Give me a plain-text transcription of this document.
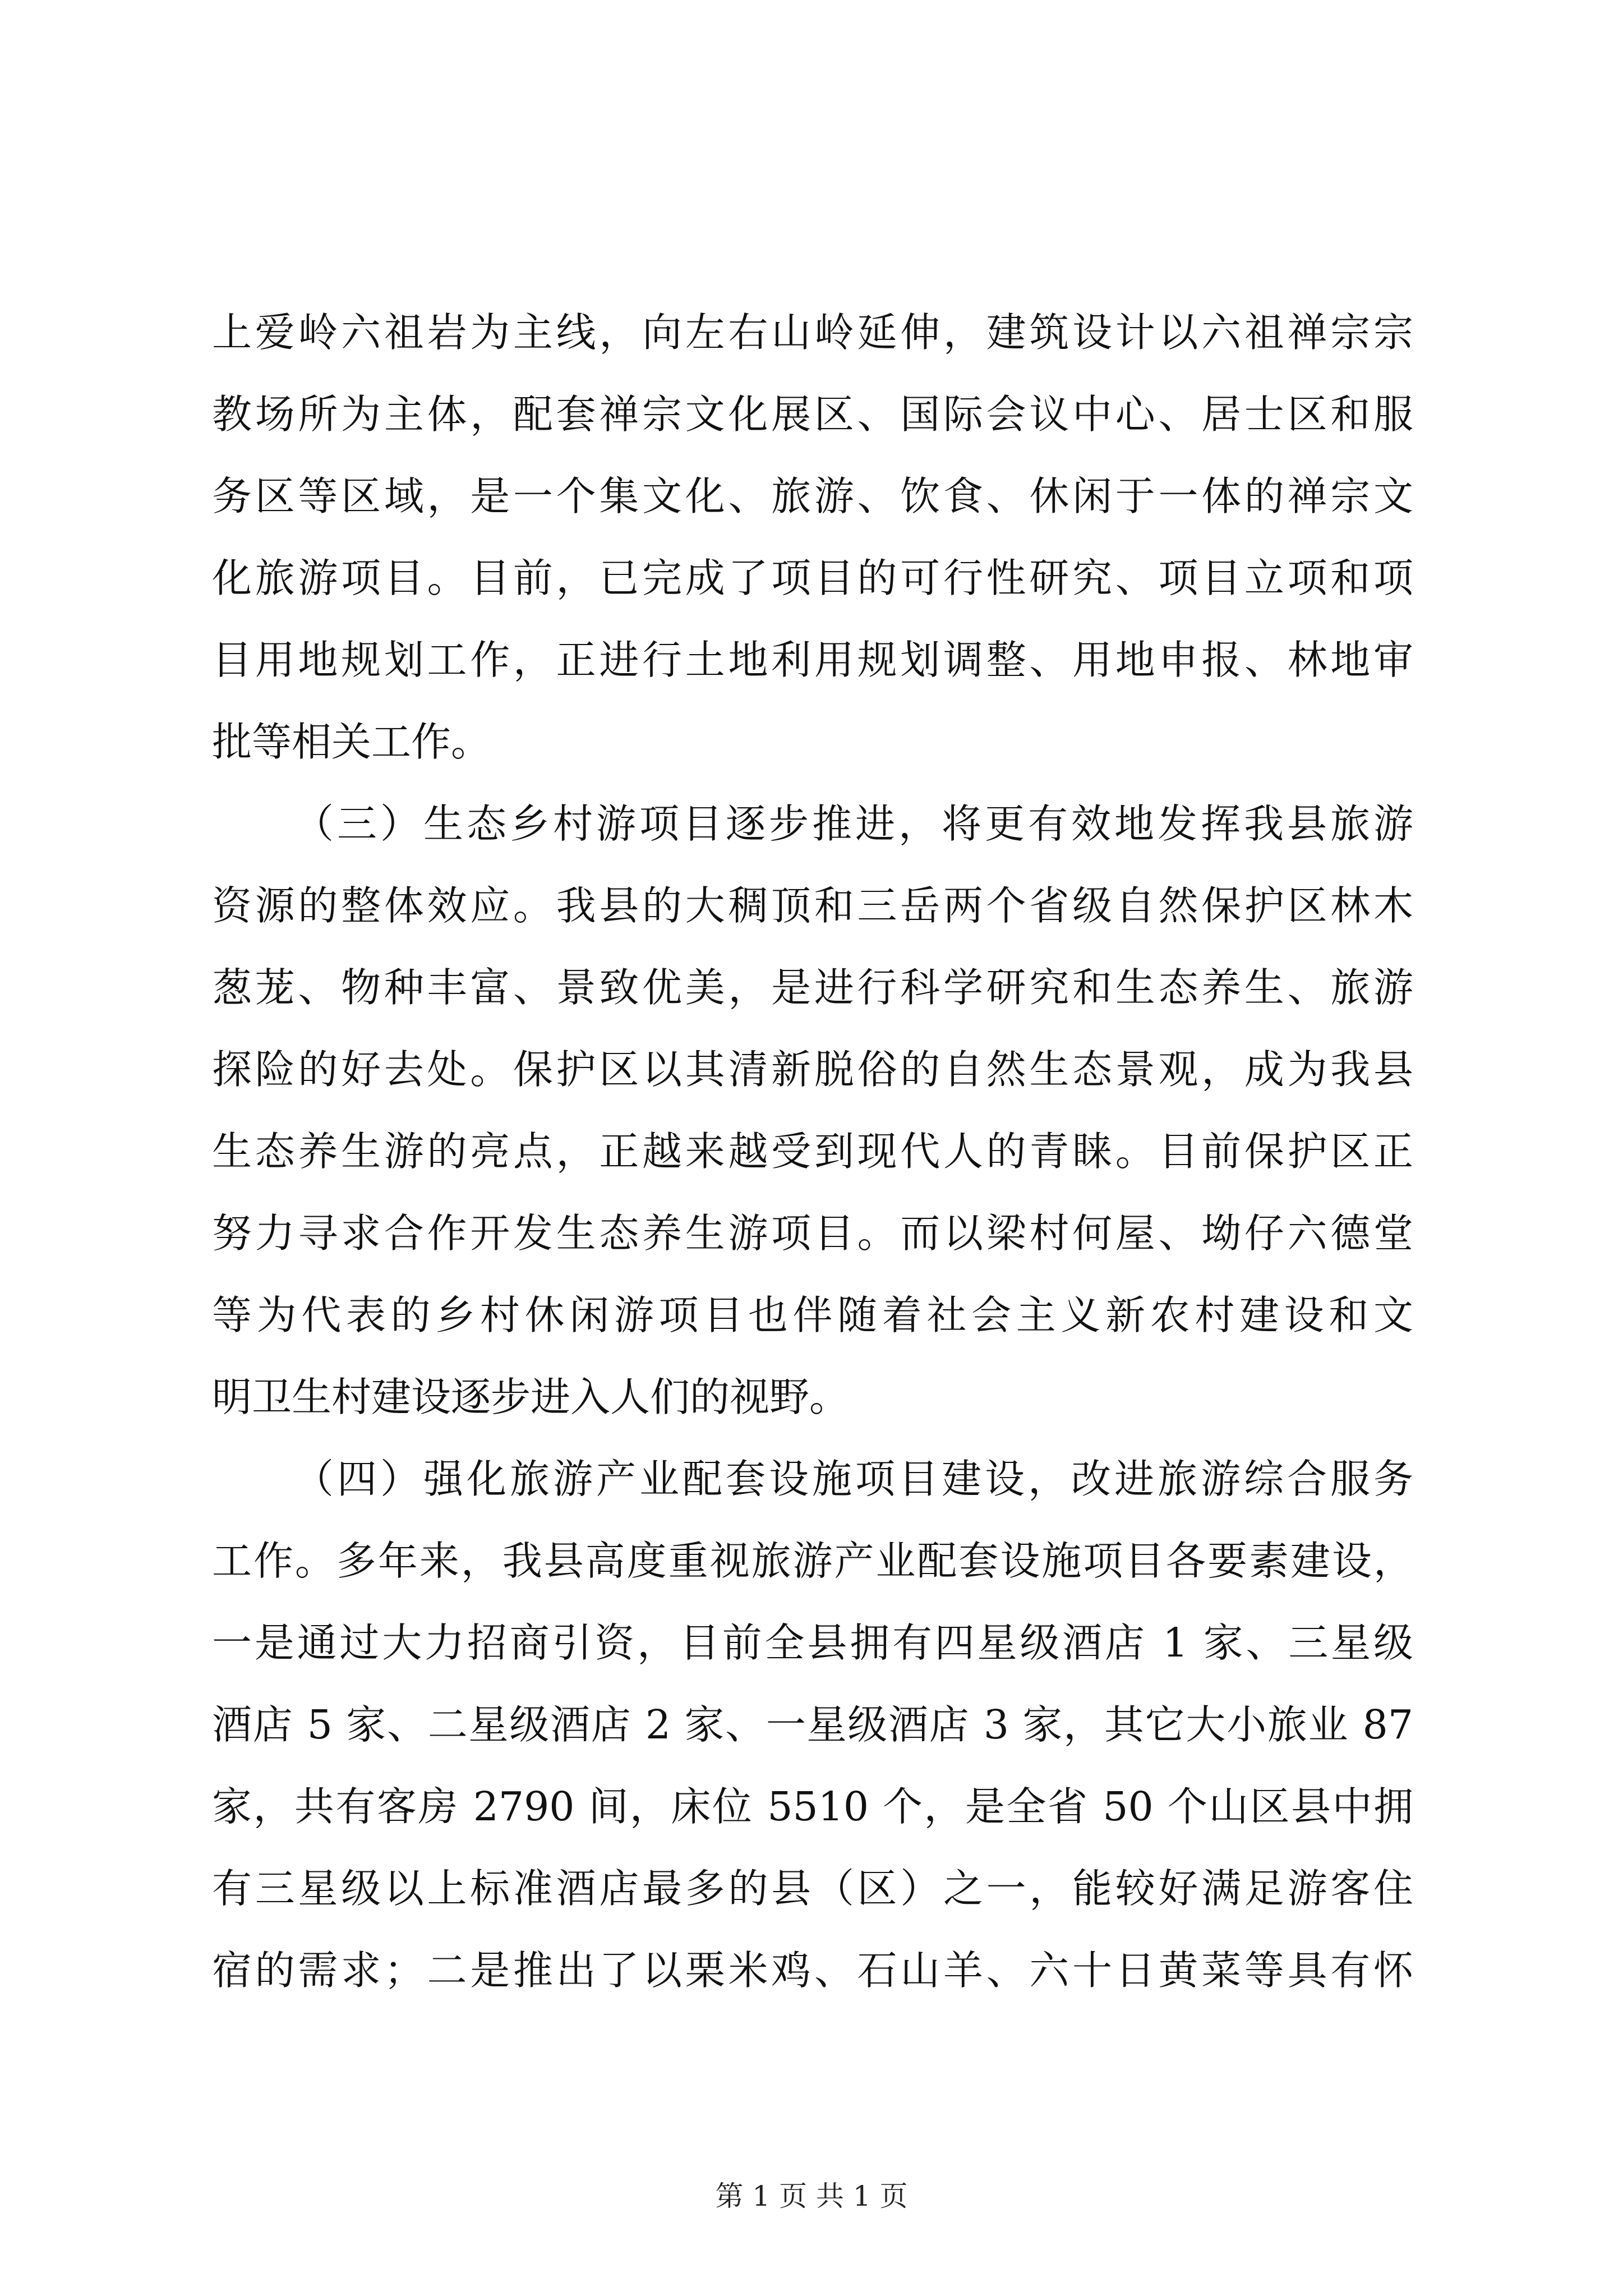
上爱岭六祖岩为主线，向左右山岭延伸，建筑设计以六祖禅宗宗
教场所为主体，配套禅宗文化展区、国际会议中心、居士区和服
务区等区域，是一个集文化、旅游、饮食、休闲于一体的禅宗文
化旅游项目。目前，已完成了项目的可行性研究、项目立项和项
目用地规划工作，正进行土地利用规划调整、用地申报、林地审
批等相关工作。
（三）生态乡村游项目逐步推进，将更有效地发挥我县旅游
资源的整体效应。我县的大稠顶和三岳两个省级自然保护区林木
葱茏、物种丰富、景致优美，是进行科学研究和生态养生、旅游
探险的好去处。保护区以其清新脱俗的自然生态景观，成为我县
生态养生游的亮点，正越来越受到现代人的青睐。目前保护区正
努力寻求合作开发生态养生游项目。而以梁村何屋、坳仔六德堂
等为代表的乡村休闲游项目也伴随着社会主义新农村建设和文
明卫生村建设逐步进入人们的视野。
（四）强化旅游产业配套设施项目建设，改进旅游综合服务
工作。多年来，我县高度重视旅游产业配套设施项目各要素建设，
一是通过大力招商引资，目前全县拥有四星级酒店 1 家、三星级
酒店 5 家、二星级酒店 2 家、一星级酒店 3 家，其它大小旅业 87
家，共有客房 2790 间，床位 5510 个，是全省 50 个山区县中拥
有三星级以上标准酒店最多的县（区）之一，能较好满足游客住
宿的需求；二是推出了以栗米鸡、石山羊、六十日黄菜等具有怀
第 1 页 共 1 页
